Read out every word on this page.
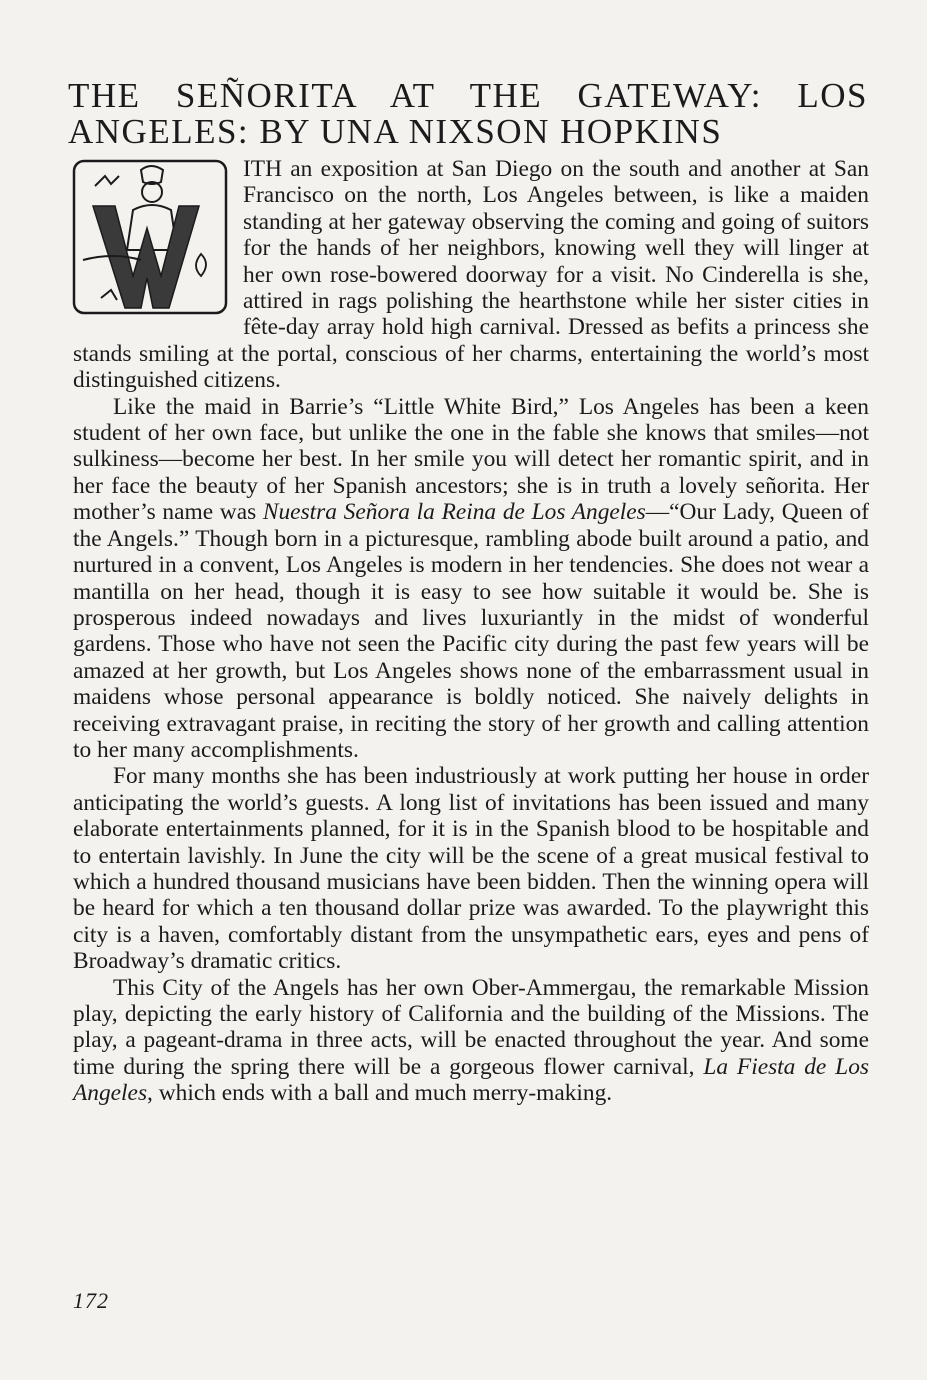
THE SEÑORITA AT THE GATEWAY: LOS
ANGELES: BY UNA NIXSON HOPKINS

ITH an exposition at San Diego on the south and another at San Francisco on the north, Los Angeles between, is like a maiden standing at her gateway observing the coming and going of suitors for the hands of her neighbors, knowing well they will linger at her own rose-bowered doorway for a visit. No Cinderella is she, attired in rags polishing the hearthstone while her sister cities in fête-day array hold high carnival. Dressed as befits a princess she stands smiling at the portal, conscious of her charms, entertaining the world’s most distinguished citizens.

Like the maid in Barrie’s “Little White Bird,” Los Angeles has been a keen student of her own face, but unlike the one in the fable she knows that smiles—not sulkiness—become her best. In her smile you will detect her romantic spirit, and in her face the beauty of her Spanish ancestors; she is in truth a lovely señorita. Her mother’s name was Nuestra Señora la Reina de Los Angeles—“Our Lady, Queen of the Angels.” Though born in a picturesque, rambling abode built around a patio, and nurtured in a convent, Los Angeles is modern in her tendencies. She does not wear a mantilla on her head, though it is easy to see how suitable it would be. She is prosperous indeed nowadays and lives luxuriantly in the midst of wonderful gardens. Those who have not seen the Pacific city during the past few years will be amazed at her growth, but Los Angeles shows none of the embarrassment usual in maidens whose personal appearance is boldly noticed. She naively delights in receiving extravagant praise, in reciting the story of her growth and calling attention to her many accomplishments.

For many months she has been industriously at work putting her house in order anticipating the world’s guests. A long list of invitations has been issued and many elaborate entertainments planned, for it is in the Spanish blood to be hospitable and to entertain lavishly. In June the city will be the scene of a great musical festival to which a hundred thousand musicians have been bidden. Then the winning opera will be heard for which a ten thousand dollar prize was awarded. To the playwright this city is a haven, comfortably distant from the unsympathetic ears, eyes and pens of Broadway’s dramatic critics.

This City of the Angels has her own Ober-Ammergau, the remarkable Mission play, depicting the early history of California and the building of the Missions. The play, a pageant-drama in three acts, will be enacted throughout the year. And some time during the spring there will be a gorgeous flower carnival, La Fiesta de Los Angeles, which ends with a ball and much merry-making.

172
